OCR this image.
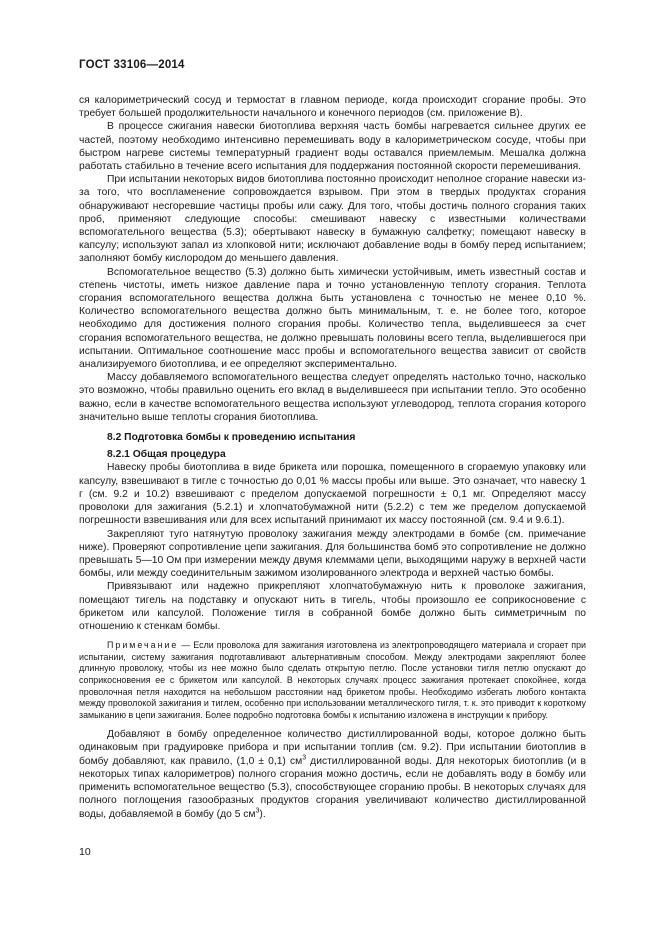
ГОСТ 33106—2014

ся калориметрический сосуд и термостат в главном периоде, когда происходит сгорание пробы. Это требует большей продолжительности начального и конечного периодов (см. приложение В).

В процессе сжигания навески биотоплива верхняя часть бомбы нагревается сильнее других ее частей, поэтому необходимо интенсивно перемешивать воду в калориметрическом сосуде, чтобы при быстром нагреве системы температурный градиент воды оставался приемлемым. Мешалка должна работать стабильно в течение всего испытания для поддержания постоянной скорости перемешивания.

При испытании некоторых видов биотоплива постоянно происходит неполное сгорание навески из-за того, что воспламенение сопровождается взрывом. При этом в твердых продуктах сгорания обнаруживают несгоревшие частицы пробы или сажу. Для того, чтобы достичь полного сгорания таких проб, применяют следующие способы: смешивают навеску с известными количествами вспомогательного вещества (5.3); обертывают навеску в бумажную салфетку; помещают навеску в капсулу; используют запал из хлопковой нити; исключают добавление воды в бомбу перед испытанием; заполняют бомбу кислородом до меньшего давления.

Вспомогательное вещество (5.3) должно быть химически устойчивым, иметь известный состав и степень чистоты, иметь низкое давление пара и точно установленную теплоту сгорания. Теплота сгорания вспомогательного вещества должна быть установлена с точностью не менее 0,10 %. Количество вспомогательного вещества должно быть минимальным, т. е. не более того, которое необходимо для достижения полного сгорания пробы. Количество тепла, выделившееся за счет сгорания вспомогательного вещества, не должно превышать половины всего тепла, выделившегося при испытании. Оптимальное соотношение масс пробы и вспомогательного вещества зависит от свойств анализируемого биотоплива, и ее определяют экспериментально.

Массу добавляемого вспомогательного вещества следует определять настолько точно, насколько это возможно, чтобы правильно оценить его вклад в выделившееся при испытании тепло. Это особенно важно, если в качестве вспомогательного вещества используют углеводород, теплота сгорания которого значительно выше теплоты сгорания биотоплива.

8.2 Подготовка бомбы к проведению испытания

8.2.1 Общая процедура

Навеску пробы биотоплива в виде брикета или порошка, помещенного в сгораемую упаковку или капсулу, взвешивают в тигле с точностью до 0,01 % массы пробы или выше. Это означает, что навеску 1 г (см. 9.2 и 10.2) взвешивают с пределом допускаемой погрешности ± 0,1 мг. Определяют массу проволоки для зажигания (5.2.1) и хлопчатобумажной нити (5.2.2) с тем же пределом допускаемой погрешности взвешивания или для всех испытаний принимают их массу постоянной (см. 9.4 и 9.6.1).

Закрепляют туго натянутую проволоку зажигания между электродами в бомбе (см. примечание ниже). Проверяют сопротивление цепи зажигания. Для большинства бомб это сопротивление не должно превышать 5—10 Ом при измерении между двумя клеммами цепи, выходящими наружу в верхней части бомбы, или между соединительным зажимом изолированного электрода и верхней частью бомбы.

Привязывают или надежно прикрепляют хлопчатобумажную нить к проволоке зажигания, помещают тигель на подставку и опускают нить в тигель, чтобы произошло ее соприкосновение с брикетом или капсулой. Положение тигля в собранной бомбе должно быть симметричным по отношению к стенкам бомбы.

Примечание — Если проволока для зажигания изготовлена из электропроводящего материала и сгорает при испытании, систему зажигания подготавливают альтернативным способом. Между электродами закрепляют более длинную проволоку, чтобы из нее можно было сделать открытую петлю. После установки тигля петлю опускают до соприкосновения ее с брикетом или капсулой. В некоторых случаях процесс зажигания протекает спокойнее, когда проволочная петля находится на небольшом расстоянии над брикетом пробы. Необходимо избегать любого контакта между проволокой зажигания и тиглем, особенно при использовании металлического тигля, т. к. это приводит к короткому замыканию в цепи зажигания. Более подробно подготовка бомбы к испытанию изложена в инструкции к прибору.

Добавляют в бомбу определенное количество дистиллированной воды, которое должно быть одинаковым при градуировке прибора и при испытании топлив (см. 9.2). При испытании биотоплив в бомбу добавляют, как правило, (1,0 ± 0,1) $см^3$ дистиллированной воды. Для некоторых биотоплив (и в некоторых типах калориметров) полного сгорания можно достичь, если не добавлять воду в бомбу или применить вспомогательное вещество (5.3), способствующее сгоранию пробы. В некоторых случаях для полного поглощения газообразных продуктов сгорания увеличивают количество дистиллированной воды, добавляемой в бомбу (до 5 $см^3$).

10
